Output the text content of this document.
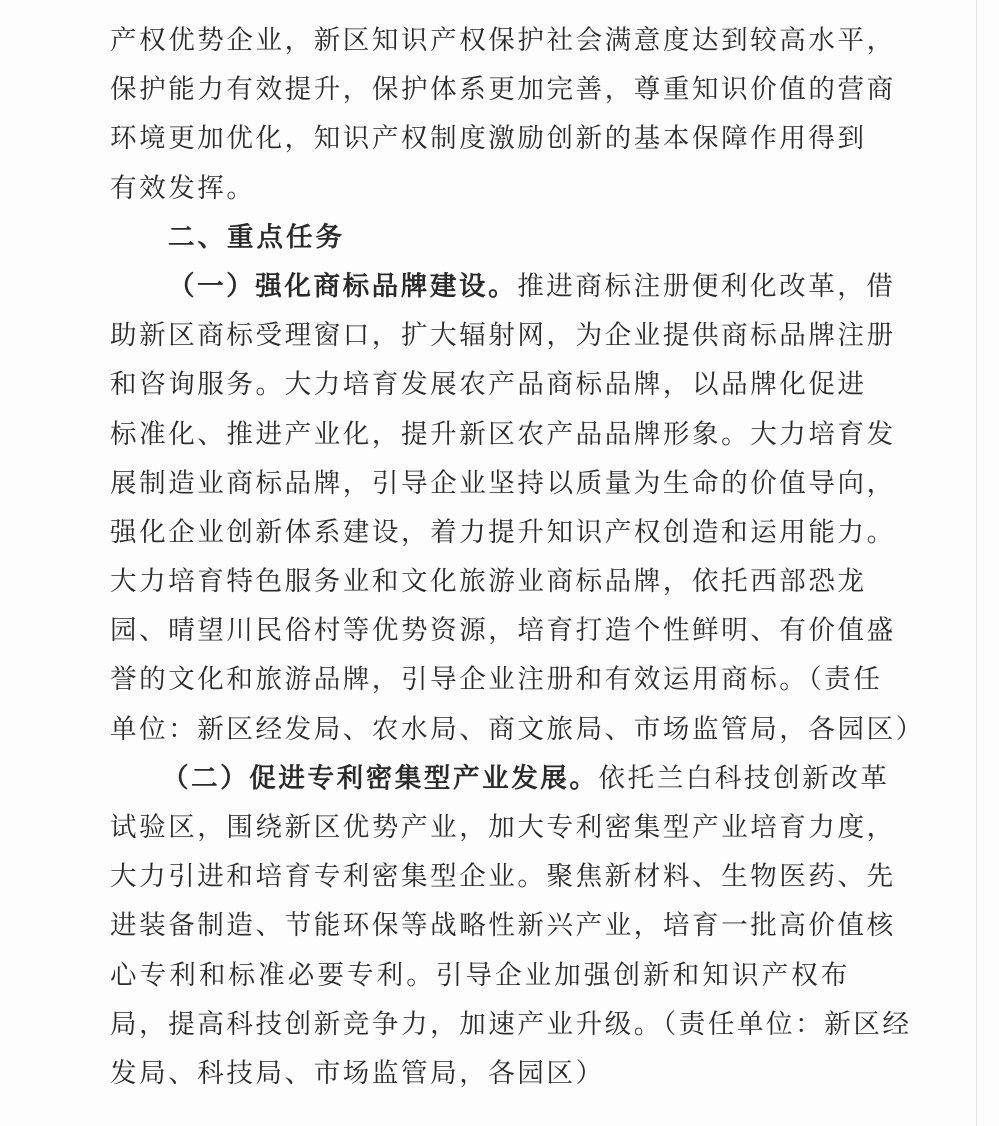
产权优势企业，新区知识产权保护社会满意度达到较高水平，
保护能力有效提升，保护体系更加完善，尊重知识价值的营商
环境更加优化，知识产权制度激励创新的基本保障作用得到
有效发挥。
二、重点任务
（一）强化商标品牌建设。推进商标注册便利化改革，借
助新区商标受理窗口，扩大辐射网，为企业提供商标品牌注册
和咨询服务。大力培育发展农产品商标品牌，以品牌化促进
标准化、推进产业化，提升新区农产品品牌形象。大力培育发
展制造业商标品牌，引导企业坚持以质量为生命的价值导向，
强化企业创新体系建设，着力提升知识产权创造和运用能力。
大力培育特色服务业和文化旅游业商标品牌，依托西部恐龙
园、晴望川民俗村等优势资源，培育打造个性鲜明、有价值盛
誉的文化和旅游品牌，引导企业注册和有效运用商标。（责任
单位：新区经发局、农水局、商文旅局、市场监管局，各园区）
（二）促进专利密集型产业发展。依托兰白科技创新改革
试验区，围绕新区优势产业，加大专利密集型产业培育力度，
大力引进和培育专利密集型企业。聚焦新材料、生物医药、先
进装备制造、节能环保等战略性新兴产业，培育一批高价值核
心专利和标准必要专利。引导企业加强创新和知识产权布
局，提高科技创新竞争力，加速产业升级。（责任单位：新区经
发局、科技局、市场监管局，各园区）
